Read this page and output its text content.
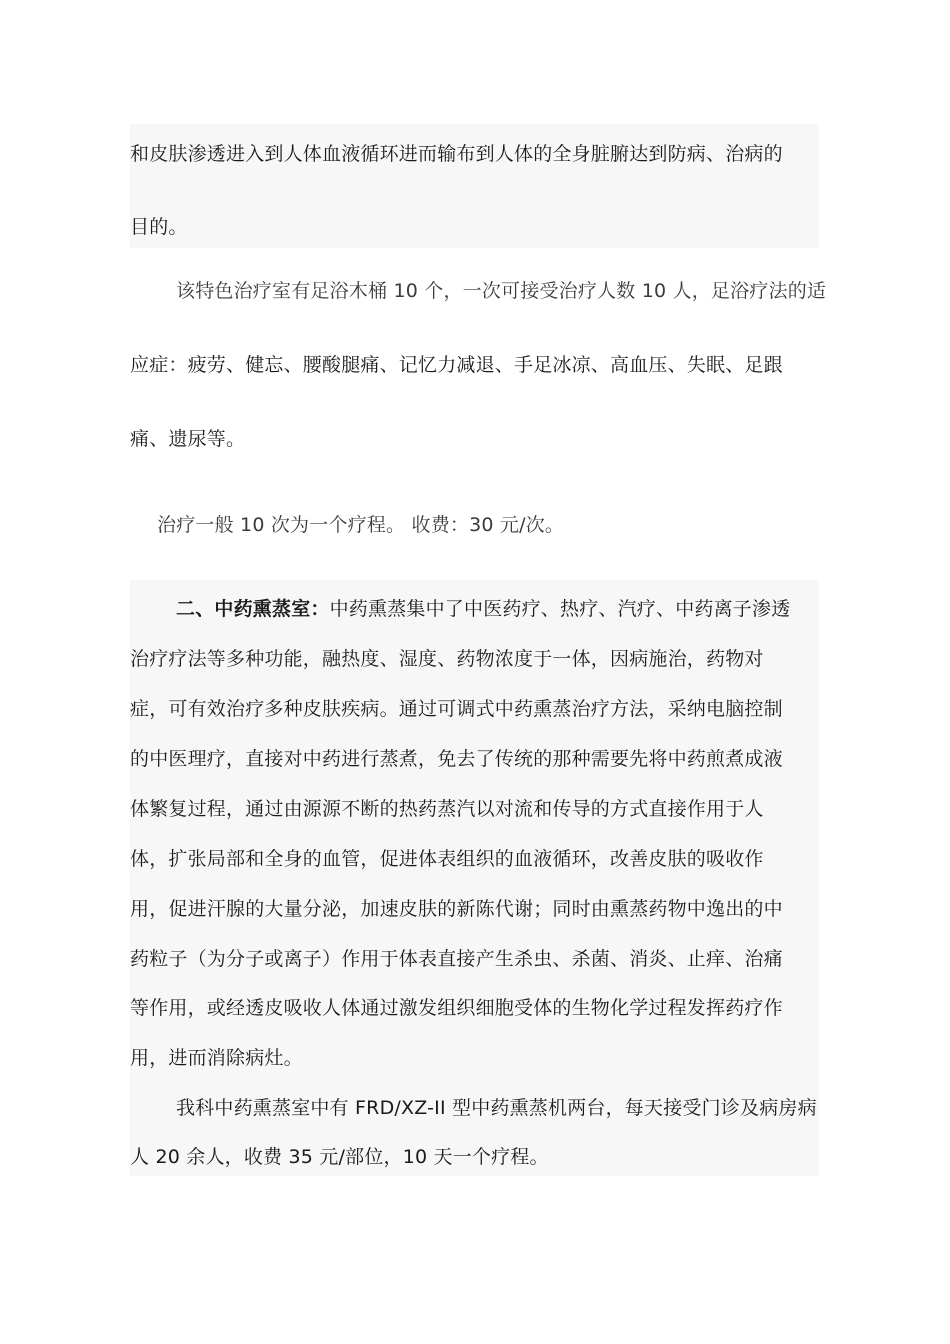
和皮肤渗透进入到人体血液循环进而输布到人体的全身脏腑达到防病、治病的
目的。
该特色治疗室有足浴木桶 10 个，一次可接受治疗人数 10 人，足浴疗法的适
应症：疲劳、健忘、腰酸腿痛、记忆力减退、手足冰凉、高血压、失眠、足跟
痛、遗尿等。
治疗一般 10 次为一个疗程。 收费：30 元/次。
二、中药熏蒸室：中药熏蒸集中了中医药疗、热疗、汽疗、中药离子渗透
治疗疗法等多种功能，融热度、湿度、药物浓度于一体，因病施治，药物对
症，可有效治疗多种皮肤疾病。通过可调式中药熏蒸治疗方法，采纳电脑控制
的中医理疗，直接对中药进行蒸煮，免去了传统的那种需要先将中药煎煮成液
体繁复过程，通过由源源不断的热药蒸汽以对流和传导的方式直接作用于人
体，扩张局部和全身的血管，促进体表组织的血液循环，改善皮肤的吸收作
用，促进汗腺的大量分泌，加速皮肤的新陈代谢；同时由熏蒸药物中逸出的中
药粒子（为分子或离子）作用于体表直接产生杀虫、杀菌、消炎、止痒、治痛
等作用，或经透皮吸收人体通过激发组织细胞受体的生物化学过程发挥药疗作
用，进而消除病灶。
我科中药熏蒸室中有 FRD/XZ-II 型中药熏蒸机两台，每天接受门诊及病房病
人 20 余人，收费 35 元/部位，10 天一个疗程。
